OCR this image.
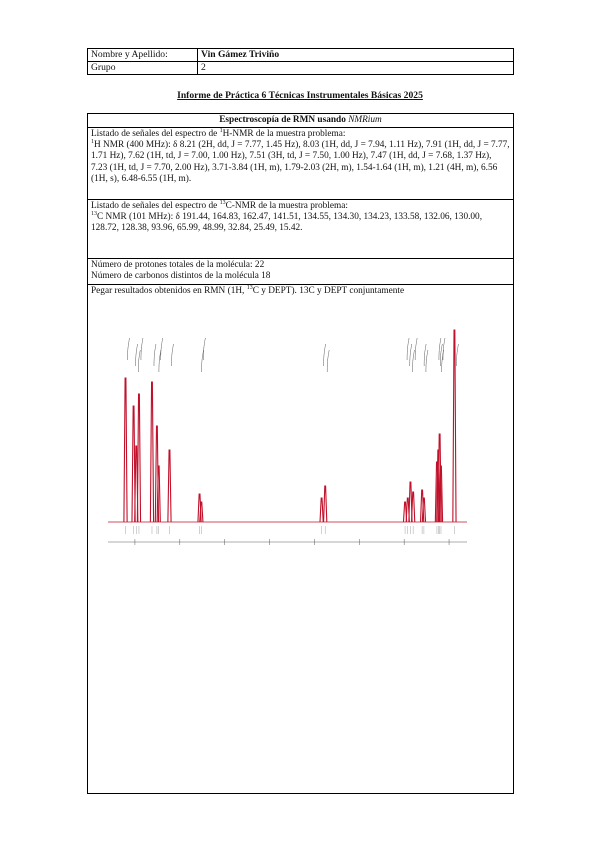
Nombre y Apellido:	Vin Gámez Triviño
Grupo	2
Informe de Práctica 6 Técnicas Instrumentales Básicas 2025
Espectroscopía de RMN usando NMRium

Listado de señales del espectro de $^1$H-NMR de la muestra problema:

$^1$H NMR (400 MHz): δ 8.21 (2H, dd, J = 7.77, 1.45 Hz), 8.03 (1H, dd, J = 7.94, 1.11 Hz), 7.91 (1H, dd, J = 7.77, 1.71 Hz), 7.62 (1H, td, J = 7.00, 1.00 Hz), 7.51 (3H, td, J = 7.50, 1.00 Hz), 7.47 (1H, dd, J = 7.68, 1.37 Hz), 7.23 (1H, td, J = 7.70, 2.00 Hz), 3.71-3.84 (1H, m), 1.79-2.03 (2H, m), 1.54-1.64 (1H, m), 1.21 (4H, m), 6.56 (1H, s), 6.48-6.55 (1H, m).

Listado de señales del espectro de $^{13}$C-NMR de la muestra problema:

$^{13}$C NMR (101 MHz): δ 191.44, 164.83, 162.47, 141.51, 134.55, 134.30, 134.23, 133.58, 132.06, 130.00, 128.72, 128.38, 93.96, 65.99, 48.99, 32.84, 25.49, 15.42.

Número de protones totales de la molécula: 22

Número de carbonos distintos de la molécula 18

Pegar resultados obtenidos en RMN (1H, $^{13}$C y DEPT). 13C y DEPT conjuntamente
